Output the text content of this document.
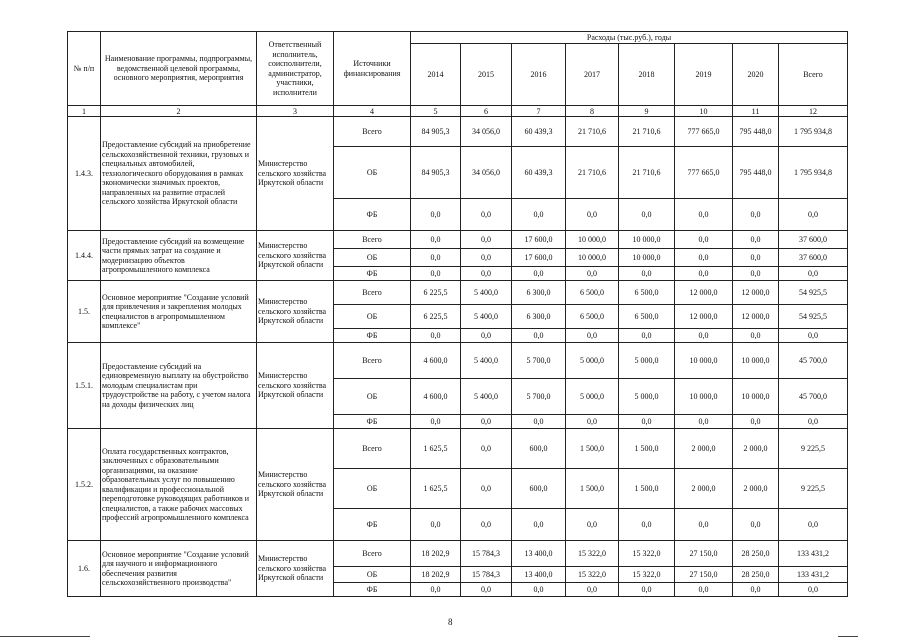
№ п/п	Наименование программы, подпрограммы, ведомственной целевой программы, основного мероприятия, мероприятия	Ответственный исполнитель, соисполнители, администратор, участники, исполнители	Источники финансирования	Расходы (тыс.руб.), годы							
				2014	2015	2016	2017	2018	2019	2020	Всего
1	2	3	4	5	6	7	8	9	10	11	12
1.4.3.	Предоставление субсидий на приобретение сельскохозяйственной техники, грузовых и специальных автомобилей, технологического оборудования в рамках экономически значимых проектов, направленных на развитие отраслей сельского хозяйства Иркутской области	Министерство сельского хозяйства Иркутской области	Всего	84 905,3	34 056,0	60 439,3	21 710,6	21 710,6	777 665,0	795 448,0	1 795 934,8
			ОБ	84 905,3	34 056,0	60 439,3	21 710,6	21 710,6	777 665,0	795 448,0	1 795 934,8
			ФБ	0,0	0,0	0,0	0,0	0,0	0,0	0,0	0,0
1.4.4.	Предоставление субсидий на возмещение части прямых затрат на создание и модернизацию объектов агропромышленного комплекса	Министерство сельского хозяйства Иркутской области	Всего	0,0	0,0	17 600,0	10 000,0	10 000,0	0,0	0,0	37 600,0
			ОБ	0,0	0,0	17 600,0	10 000,0	10 000,0	0,0	0,0	37 600,0
			ФБ	0,0	0,0	0,0	0,0	0,0	0,0	0,0	0,0
1.5.	Основное мероприятие "Создание условий для привлечения и закрепления молодых специалистов в агропромышленном комплексе"	Министерство сельского хозяйства Иркутской области	Всего	6 225,5	5 400,0	6 300,0	6 500,0	6 500,0	12 000,0	12 000,0	54 925,5
			ОБ	6 225,5	5 400,0	6 300,0	6 500,0	6 500,0	12 000,0	12 000,0	54 925,5
			ФБ	0,0	0,0	0,0	0,0	0,0	0,0	0,0	0,0
1.5.1.	Предоставление субсидий на единовременную выплату на обустройство молодым специалистам при трудоустройстве на работу, с учетом налога на доходы физических лиц	Министерство сельского хозяйства Иркутской области	Всего	4 600,0	5 400,0	5 700,0	5 000,0	5 000,0	10 000,0	10 000,0	45 700,0
			ОБ	4 600,0	5 400,0	5 700,0	5 000,0	5 000,0	10 000,0	10 000,0	45 700,0
			ФБ	0,0	0,0	0,0	0,0	0,0	0,0	0,0	0,0
1.5.2.	Оплата государственных контрактов, заключенных с образовательными организациями, на оказание образовательных услуг по повышению квалификации и профессиональной переподготовке руководящих работников и специалистов, а также рабочих массовых профессий агропромышленного комплекса	Министерство сельского хозяйства Иркутской области	Всего	1 625,5	0,0	600,0	1 500,0	1 500,0	2 000,0	2 000,0	9 225,5
			ОБ	1 625,5	0,0	600,0	1 500,0	1 500,0	2 000,0	2 000,0	9 225,5
			ФБ	0,0	0,0	0,0	0,0	0,0	0,0	0,0	0,0
1.6.	Основное мероприятие "Создание условий для научного и информационного обеспечения развития сельскохозяйственного производства"	Министерство сельского хозяйства Иркутской области	Всего	18 202,9	15 784,3	13 400,0	15 322,0	15 322,0	27 150,0	28 250,0	133 431,2
			ОБ	18 202,9	15 784,3	13 400,0	15 322,0	15 322,0	27 150,0	28 250,0	133 431,2
			ФБ	0,0	0,0	0,0	0,0	0,0	0,0	0,0	0,0
8
